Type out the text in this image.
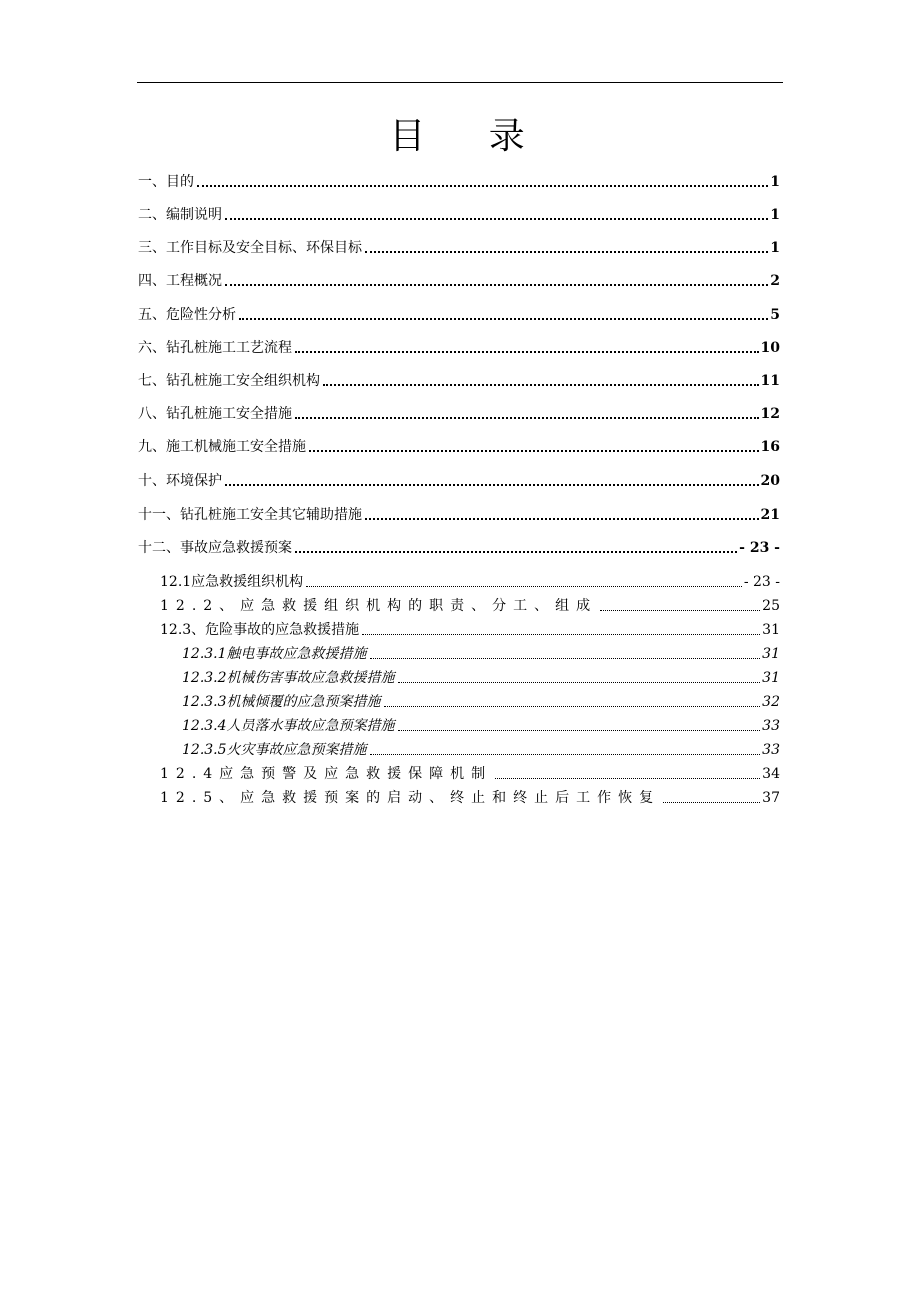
目 录
一、目的	1
二、编制说明	1
三、工作目标及安全目标、环保目标	1
四、工程概况	2
五、危险性分析	5
六、钻孔桩施工工艺流程	10
七、钻孔桩施工安全组织机构	11
八、钻孔桩施工安全措施	12
九、施工机械施工安全措施	16
十、环境保护	20
十一、钻孔桩施工安全其它辅助措施	21
十二、事故应急救援预案	- 23 -
12.1应急救援组织机构	- 23 -
12.2、应急救援组织机构的职责、分工、组成	25
12.3、危险事故的应急救援措施	31
12.3.1触电事故应急救援措施	31
12.3.2机械伤害事故应急救援措施	31
12.3.3机械倾覆的应急预案措施	32
12.3.4人员落水事故应急预案措施	33
12.3.5火灾事故应急预案措施	33
12.4应急预警及应急救援保障机制	34
12.5、应急救援预案的启动、终止和终止后工作恢复	37
